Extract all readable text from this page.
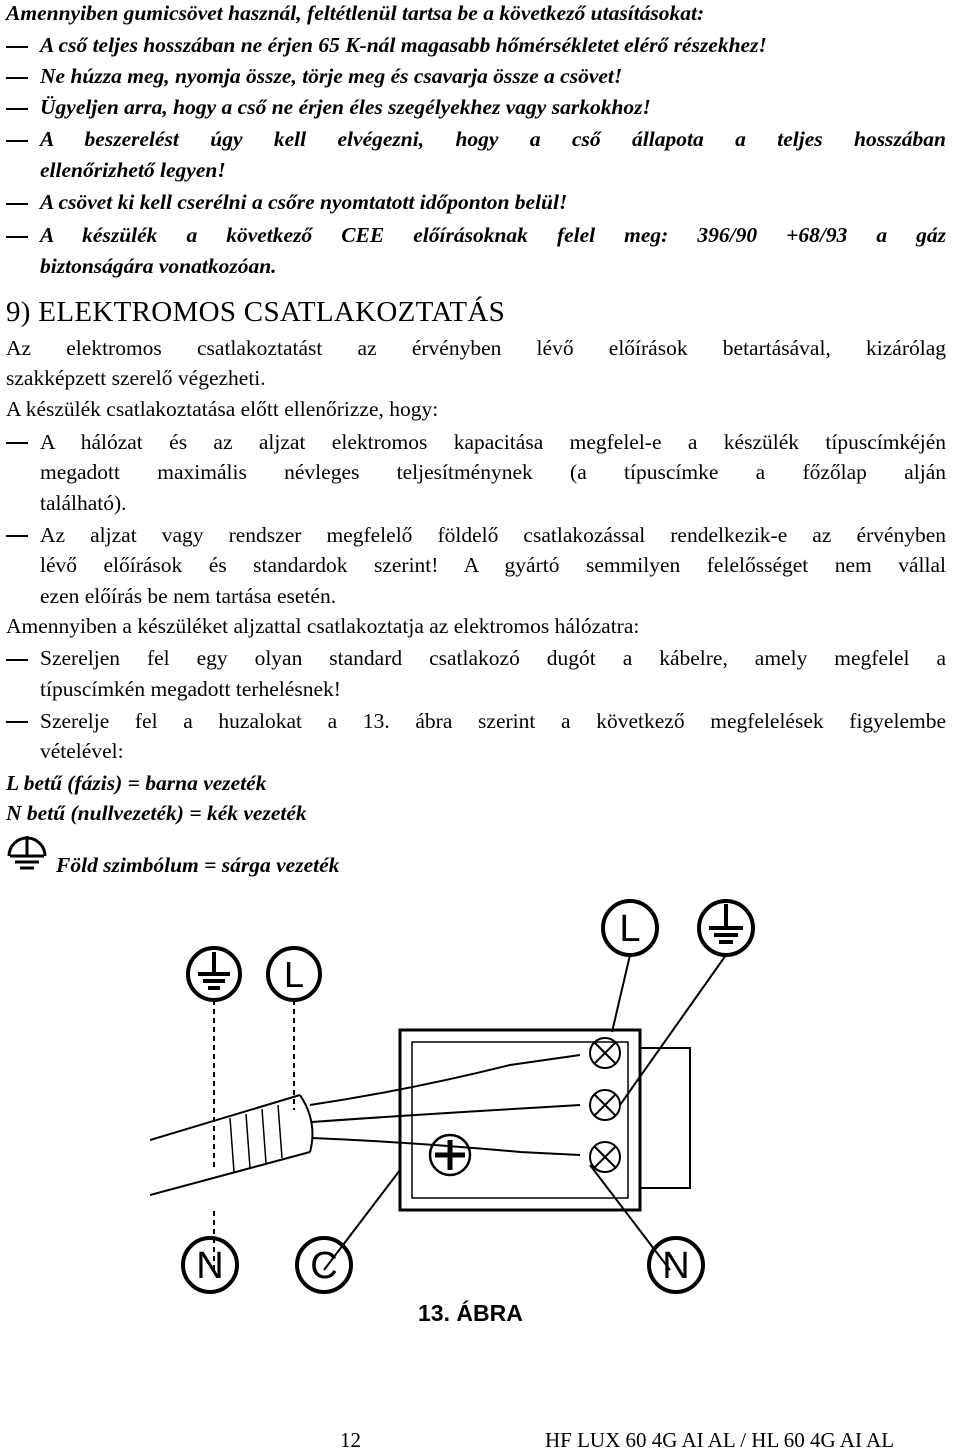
Amennyiben gumicsövet használ, feltétlenül tartsa be a következő utasításokat:
A cső teljes hosszában ne érjen 65 K-nál magasabb hőmérsékletet elérő részekhez!
Ne húzza meg, nyomja össze, törje meg és csavarja össze a csövet!
Ügyeljen arra, hogy a cső ne érjen éles szegélyekhez vagy sarkokhoz!
A beszerelést úgy kell elvégezni, hogy a cső állapota a teljes hosszában
ellenőrizhető legyen!
A csövet ki kell cserélni a csőre nyomtatott időponton belül!
A készülék a következő CEE előírásoknak felel meg: 396/90 +68/93 a gáz
biztonságára vonatkozóan.
9) ELEKTROMOS CSATLAKOZTATÁS
Az elektromos csatlakoztatást az érvényben lévő előírások betartásával, kizárólag
szakképzett szerelő végezheti.
A készülék csatlakoztatása előtt ellenőrizze, hogy:
A hálózat és az aljzat elektromos kapacitása megfelel-e a készülék típuscímkéjén
megadott maximális névleges teljesítménynek (a típuscímke a főzőlap alján
található).
Az aljzat vagy rendszer megfelelő földelő csatlakozással rendelkezik-e az érvényben
lévő előírások és standardok szerint! A gyártó semmilyen felelősséget nem vállal
ezen előírás be nem tartása esetén.
Amennyiben a készüléket aljzattal csatlakoztatja az elektromos hálózatra:
Szereljen fel egy olyan standard csatlakozó dugót a kábelre, amely megfelel a
típuscímkén megadott terhelésnek!
Szerelje fel a huzalokat a 13. ábra szerint a következő megfelelések figyelembe
vételével:
L betű (fázis) = barna vezeték
N betű (nullvezeték) = kék vezeték
Föld szimbólum = sárga vezeték
L
L
N C	N
13. ÁBRA
12	HF LUX 60 4G AI AL / HL 60 4G AI AL
